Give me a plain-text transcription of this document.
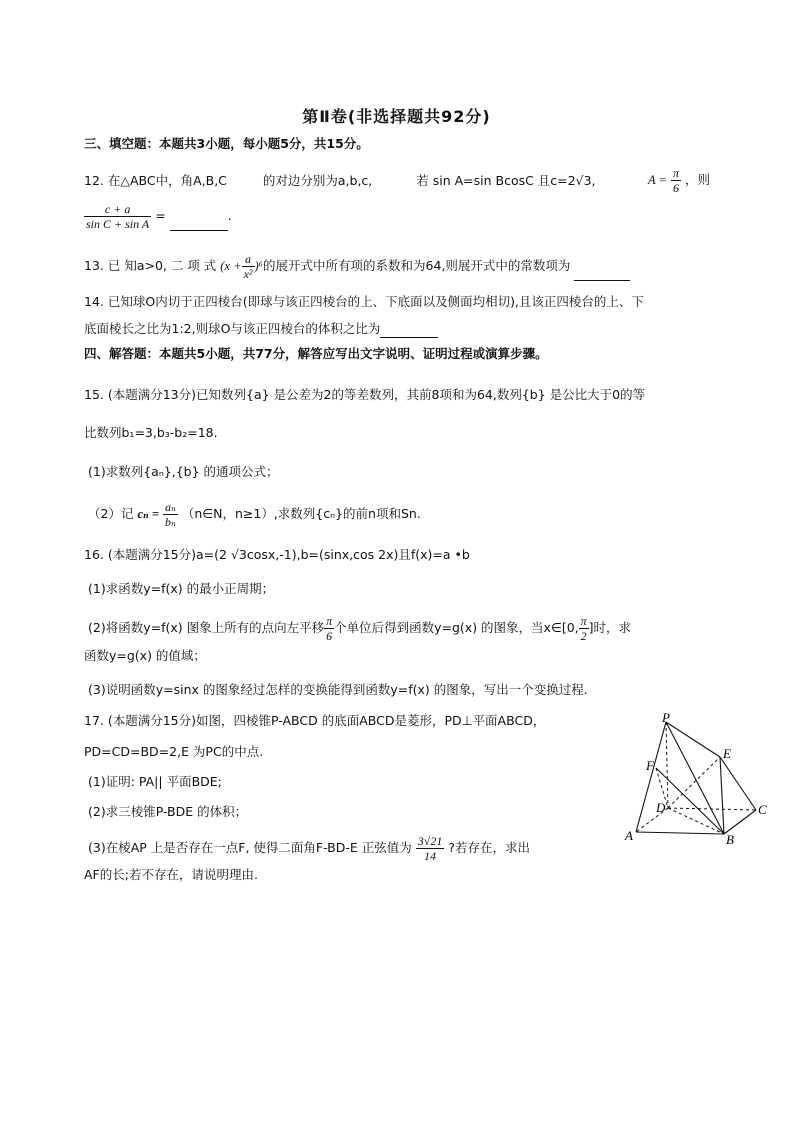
第Ⅱ卷(非选择题共92分)
三、填空题：本题共3小题，每小题5分，共15分。
12. 在△ABC中，角A,B,C	的对边分别为a,b,c,	若 sin A=sin BcosC 且c=2√3,	$A = \frac{\pi}{6}$ ，则
$\frac{c + a}{\text{sin C + sin A}}$ =	.
13. 已 知a>0, 二 项 式 $(x + \frac{a}{\text{x²}} )^6$的展开式中所有项的系数和为64,则展开式中的常数项为
14. 已知球O内切于正四棱台(即球与该正四棱台的上、下底面以及侧面均相切),且该正四棱台的上、下
底面棱长之比为1:2,则球O与该正四棱台的体积之比为
四、解答题：本题共5小题，共77分，解答应写出文字说明、证明过程或演算步骤。
15. (本题满分13分)已知数列{a} 是公差为2的等差数列，其前8项和为64,数列{b} 是公比大于0的等
比数列b₁=3,b₃-b₂=18.
(1)求数列{aₙ},{b} 的通项公式；
（2）记 $c_n = \frac{\text{aₙ}}{\text{bₙ}}$ （n∈N，n≥1）,求数列{cₙ}的前n项和Sn.
16. (本题满分15分)a=(2 √3cosx,-1),b=(sinx,cos 2x)且f(x)=a •b
(1)求函数y=f(x) 的最小正周期；
(2)将函数y=f(x) 图象上所有的点向左平移 $\frac{\pi}{6}$ 个单位后得到函数y=g(x) 的图象，当x∈[0, $\frac{\pi}{2}$ ]时，求
函数y=g(x) 的值域；
(3)说明函数y=sinx 的图象经过怎样的变换能得到函数y=f(x) 的图象，写出一个变换过程.
17. (本题满分15分)如图，四棱锥P-ABCD 的底面ABCD是菱形，PD⊥平面ABCD，
PD=CD=BD=2,E 为PC的中点.
(1)证明: PA|| 平面BDE;
(2)求三棱锥P-BDE 的体积；
(3)在棱AP 上是否存在一点F, 使得二面角F-BD-E 正弦值为 $\frac{3√21}{14}$ ?若存在，求出
AF的长;若不存在，请说明理由.
P
E
F
D	C
A	B
